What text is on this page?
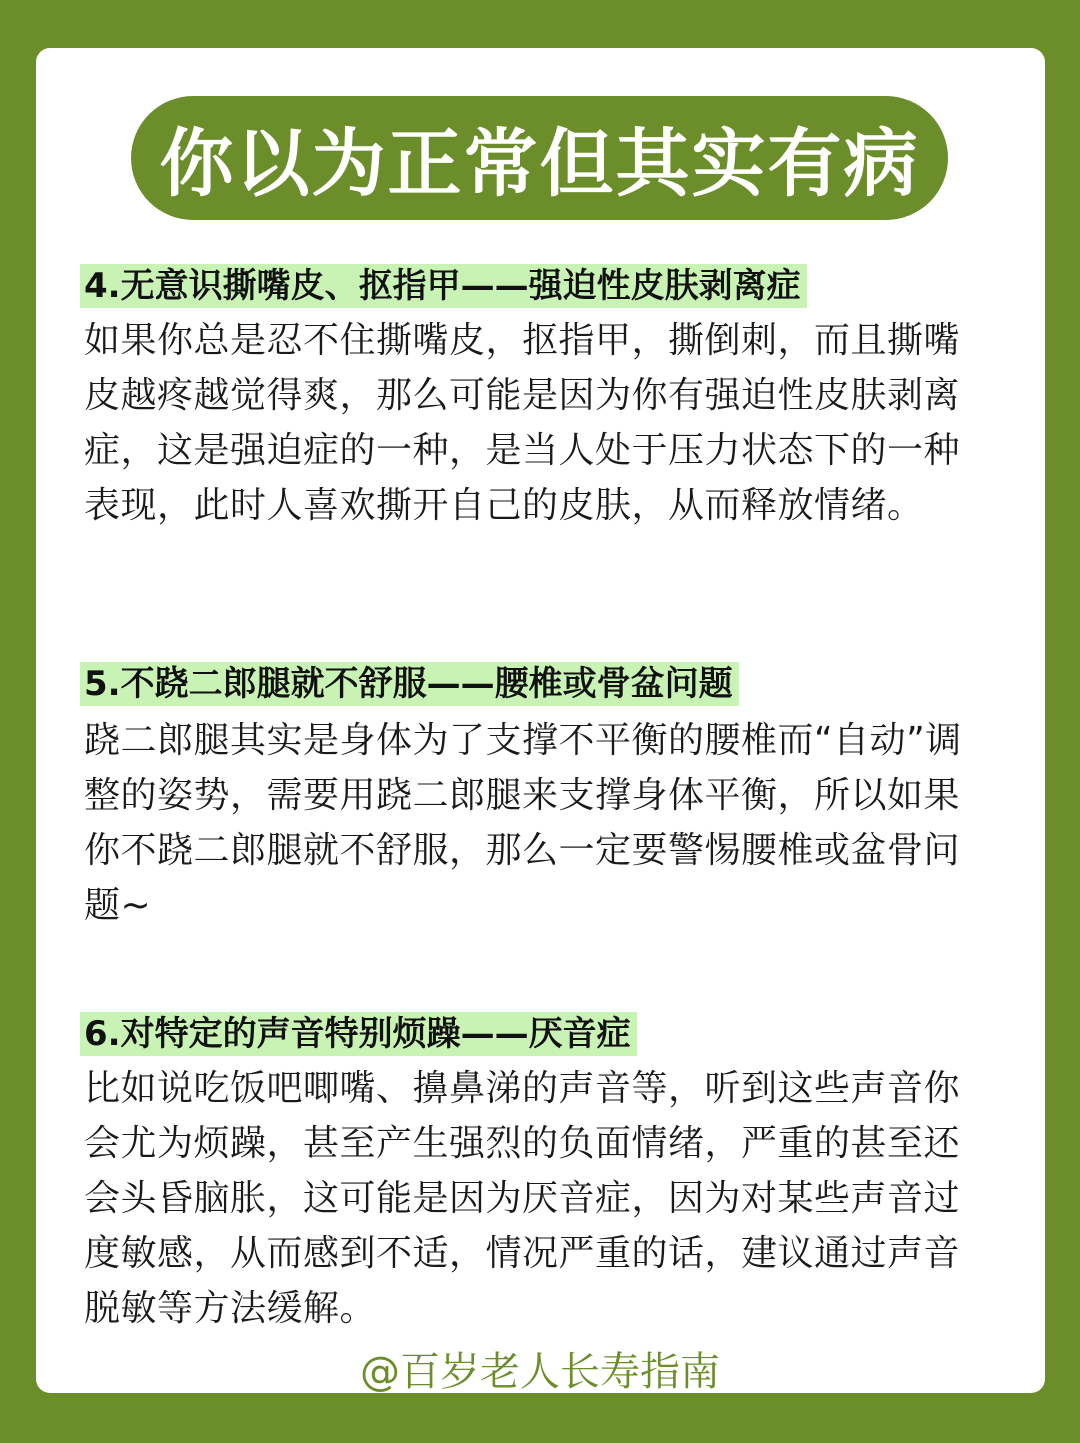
你以为正常但其实有病
4.无意识撕嘴皮、抠指甲——强迫性皮肤剥离症

如果你总是忍不住撕嘴皮，抠指甲，撕倒刺，而且撕嘴皮越疼越觉得爽，那么可能是因为你有强迫性皮肤剥离症，这是强迫症的一种，是当人处于压力状态下的一种表现，此时人喜欢撕开自己的皮肤，从而释放情绪。

5.不跷二郎腿就不舒服——腰椎或骨盆问题

跷二郎腿其实是身体为了支撑不平衡的腰椎而“自动”调整的姿势，需要用跷二郎腿来支撑身体平衡，所以如果你不跷二郎腿就不舒服，那么一定要警惕腰椎或盆骨问题~

6.对特定的声音特别烦躁——厌音症

比如说吃饭吧唧嘴、擤鼻涕的声音等，听到这些声音你会尤为烦躁，甚至产生强烈的负面情绪，严重的甚至还会头昏脑胀，这可能是因为厌音症，因为对某些声音过度敏感，从而感到不适，情况严重的话，建议通过声音脱敏等方法缓解。

@百岁老人长寿指南
